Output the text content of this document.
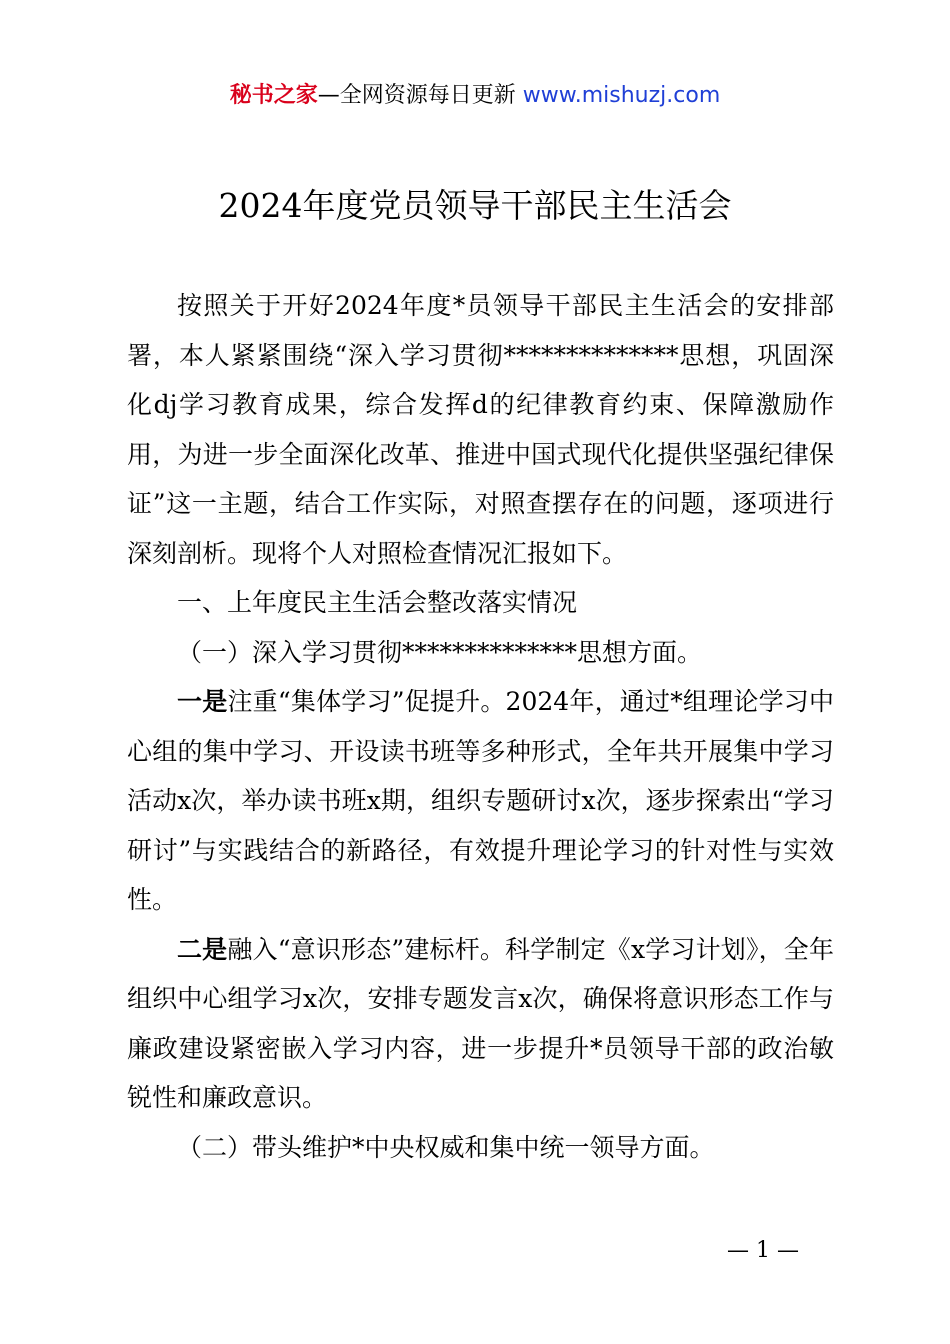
秘书之家—全网资源每日更新 www.mishuzj.com
2024年度党员领导干部民主生活会

按照关于开好2024年度*员领导干部民主生活会的安排部署，本人紧紧围绕“深入学习贯彻**************思想，巩固深化dj学习教育成果，综合发挥d的纪律教育约束、保障激励作用，为进一步全面深化改革、推进中国式现代化提供坚强纪律保证”这一主题，结合工作实际，对照查摆存在的问题，逐项进行深刻剖析。现将个人对照检查情况汇报如下。

一、上年度民主生活会整改落实情况

（一）深入学习贯彻**************思想方面。

一是注重“集体学习”促提升。2024年，通过*组理论学习中心组的集中学习、开设读书班等多种形式，全年共开展集中学习活动x次，举办读书班x期，组织专题研讨x次，逐步探索出“学习研讨”与实践结合的新路径，有效提升理论学习的针对性与实效性。

二是融入“意识形态”建标杆。科学制定《x学习计划》，全年组织中心组学习x次，安排专题发言x次，确保将意识形态工作与廉政建设紧密嵌入学习内容，进一步提升*员领导干部的政治敏锐性和廉政意识。

（二）带头维护*中央权威和集中统一领导方面。

— 1 —
